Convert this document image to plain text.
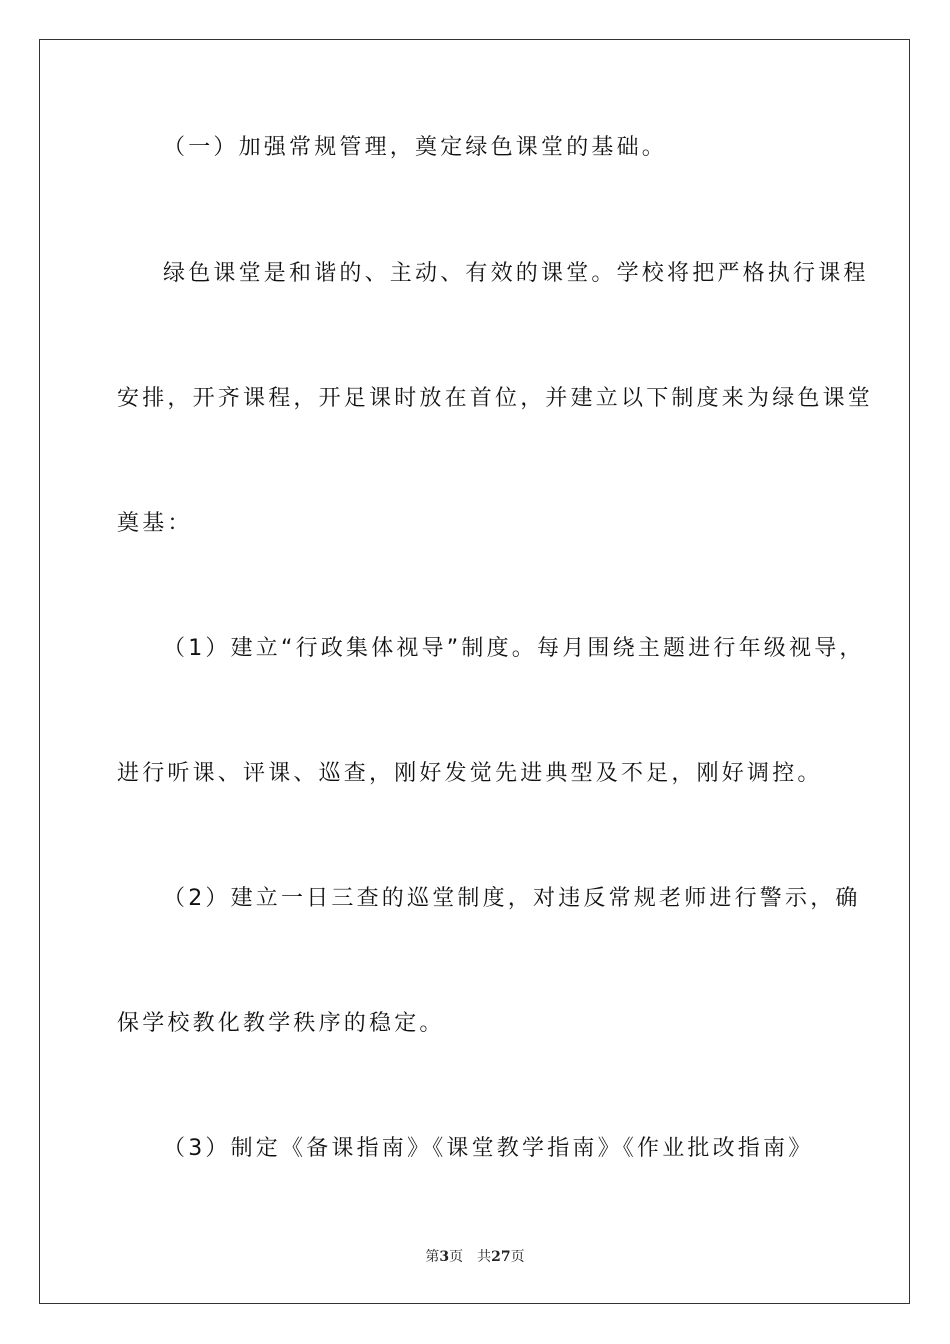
（一）加强常规管理，奠定绿色课堂的基础。
绿色课堂是和谐的、主动、有效的课堂。学校将把严格执行课程
安排，开齐课程，开足课时放在首位，并建立以下制度来为绿色课堂
奠基：
（1）建立“行政集体视导”制度。每月围绕主题进行年级视导，
进行听课、评课、巡查，刚好发觉先进典型及不足，刚好调控。
（2）建立一日三查的巡堂制度，对违反常规老师进行警示，确
保学校教化教学秩序的稳定。
（3）制定《备课指南》《课堂教学指南》《作业批改指南》
第3页 共27页
